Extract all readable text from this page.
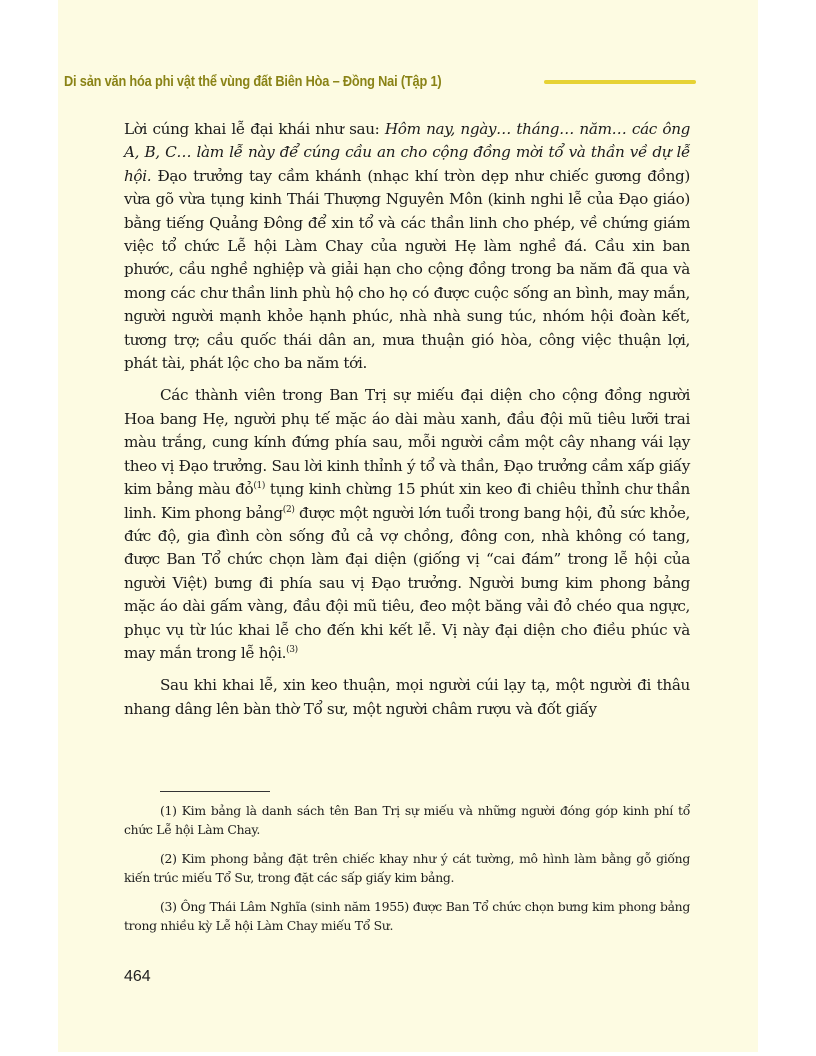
Di sản văn hóa phi vật thể vùng đất Biên Hòa – Đồng Nai (Tập 1)

Lời cúng khai lễ đại khái như sau: Hôm nay, ngày… tháng… năm… các ông A, B, C… làm lễ này để cúng cầu an cho cộng đồng mời tổ và thần về dự lễ hội. Đạo trưởng tay cầm khánh (nhạc khí tròn dẹp như chiếc gương đồng) vừa gõ vừa tụng kinh Thái Thượng Nguyên Môn (kinh nghi lễ của Đạo giáo) bằng tiếng Quảng Đông để xin tổ và các thần linh cho phép, về chứng giám việc tổ chức Lễ hội Làm Chay của người Hẹ làm nghề đá. Cầu xin ban phước, cầu nghề nghiệp và giải hạn cho cộng đồng trong ba năm đã qua và mong các chư thần linh phù hộ cho họ có được cuộc sống an bình, may mắn, người người mạnh khỏe hạnh phúc, nhà nhà sung túc, nhóm hội đoàn kết, tương trợ; cầu quốc thái dân an, mưa thuận gió hòa, công việc thuận lợi, phát tài, phát lộc cho ba năm tới.

Các thành viên trong Ban Trị sự miếu đại diện cho cộng đồng người Hoa bang Hẹ, người phụ tế mặc áo dài màu xanh, đầu đội mũ tiêu lưỡi trai màu trắng, cung kính đứng phía sau, mỗi người cầm một cây nhang vái lạy theo vị Đạo trưởng. Sau lời kinh thỉnh ý tổ và thần, Đạo trưởng cầm xấp giấy kim bảng màu đỏ$^{(1)}$ tụng kinh chừng 15 phút xin keo đi chiêu thỉnh chư thần linh. Kim phong bảng$^{(2)}$ được một người lớn tuổi trong bang hội, đủ sức khỏe, đức độ, gia đình còn sống đủ cả vợ chồng, đông con, nhà không có tang, được Ban Tổ chức chọn làm đại diện (giống vị “cai đám” trong lễ hội của người Việt) bưng đi phía sau vị Đạo trưởng. Người bưng kim phong bảng mặc áo dài gấm vàng, đầu đội mũ tiêu, đeo một băng vải đỏ chéo qua ngực, phục vụ từ lúc khai lễ cho đến khi kết lễ. Vị này đại diện cho điều phúc và may mắn trong lễ hội.$^{(3)}$

Sau khi khai lễ, xin keo thuận, mọi người cúi lạy tạ, một người đi thâu nhang dâng lên bàn thờ Tổ sư, một người châm rượu và đốt giấy

(1) Kim bảng là danh sách tên Ban Trị sự miếu và những người đóng góp kinh phí tổ chức Lễ hội Làm Chay.

(2) Kim phong bảng đặt trên chiếc khay như ý cát tường, mô hình làm bằng gỗ giống kiến trúc miếu Tổ Sư, trong đặt các sấp giấy kim bảng.

(3) Ông Thái Lâm Nghĩa (sinh năm 1955) được Ban Tổ chức chọn bưng kim phong bảng trong nhiều kỳ Lễ hội Làm Chay miếu Tổ Sư.

464
